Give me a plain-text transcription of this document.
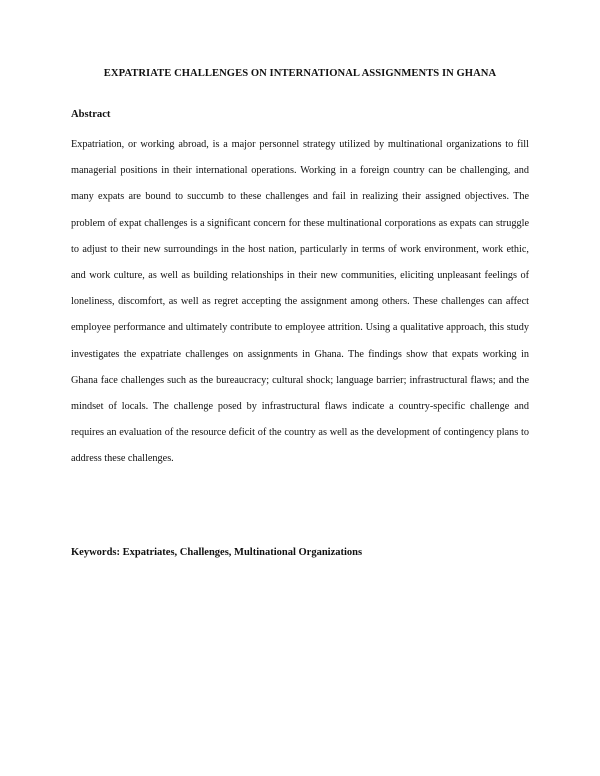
EXPATRIATE CHALLENGES ON INTERNATIONAL ASSIGNMENTS IN GHANA
Abstract

Expatriation, or working abroad, is a major personnel strategy utilized by multinational organizations to fill managerial positions in their international operations. Working in a foreign country can be challenging, and many expats are bound to succumb to these challenges and fail in realizing their assigned objectives. The problem of expat challenges is a significant concern for these multinational corporations as expats can struggle to adjust to their new surroundings in the host nation, particularly in terms of work environment, work ethic, and work culture, as well as building relationships in their new communities, eliciting unpleasant feelings of loneliness, discomfort, as well as regret accepting the assignment among others. These challenges can affect employee performance and ultimately contribute to employee attrition. Using a qualitative approach, this study investigates the expatriate challenges on assignments in Ghana. The findings show that expats working in Ghana face challenges such as the bureaucracy; cultural shock; language barrier; infrastructural flaws; and the mindset of locals. The challenge posed by infrastructural flaws indicate a country-specific challenge and requires an evaluation of the resource deficit of the country as well as the development of contingency plans to address these challenges.

Keywords: Expatriates, Challenges, Multinational Organizations
